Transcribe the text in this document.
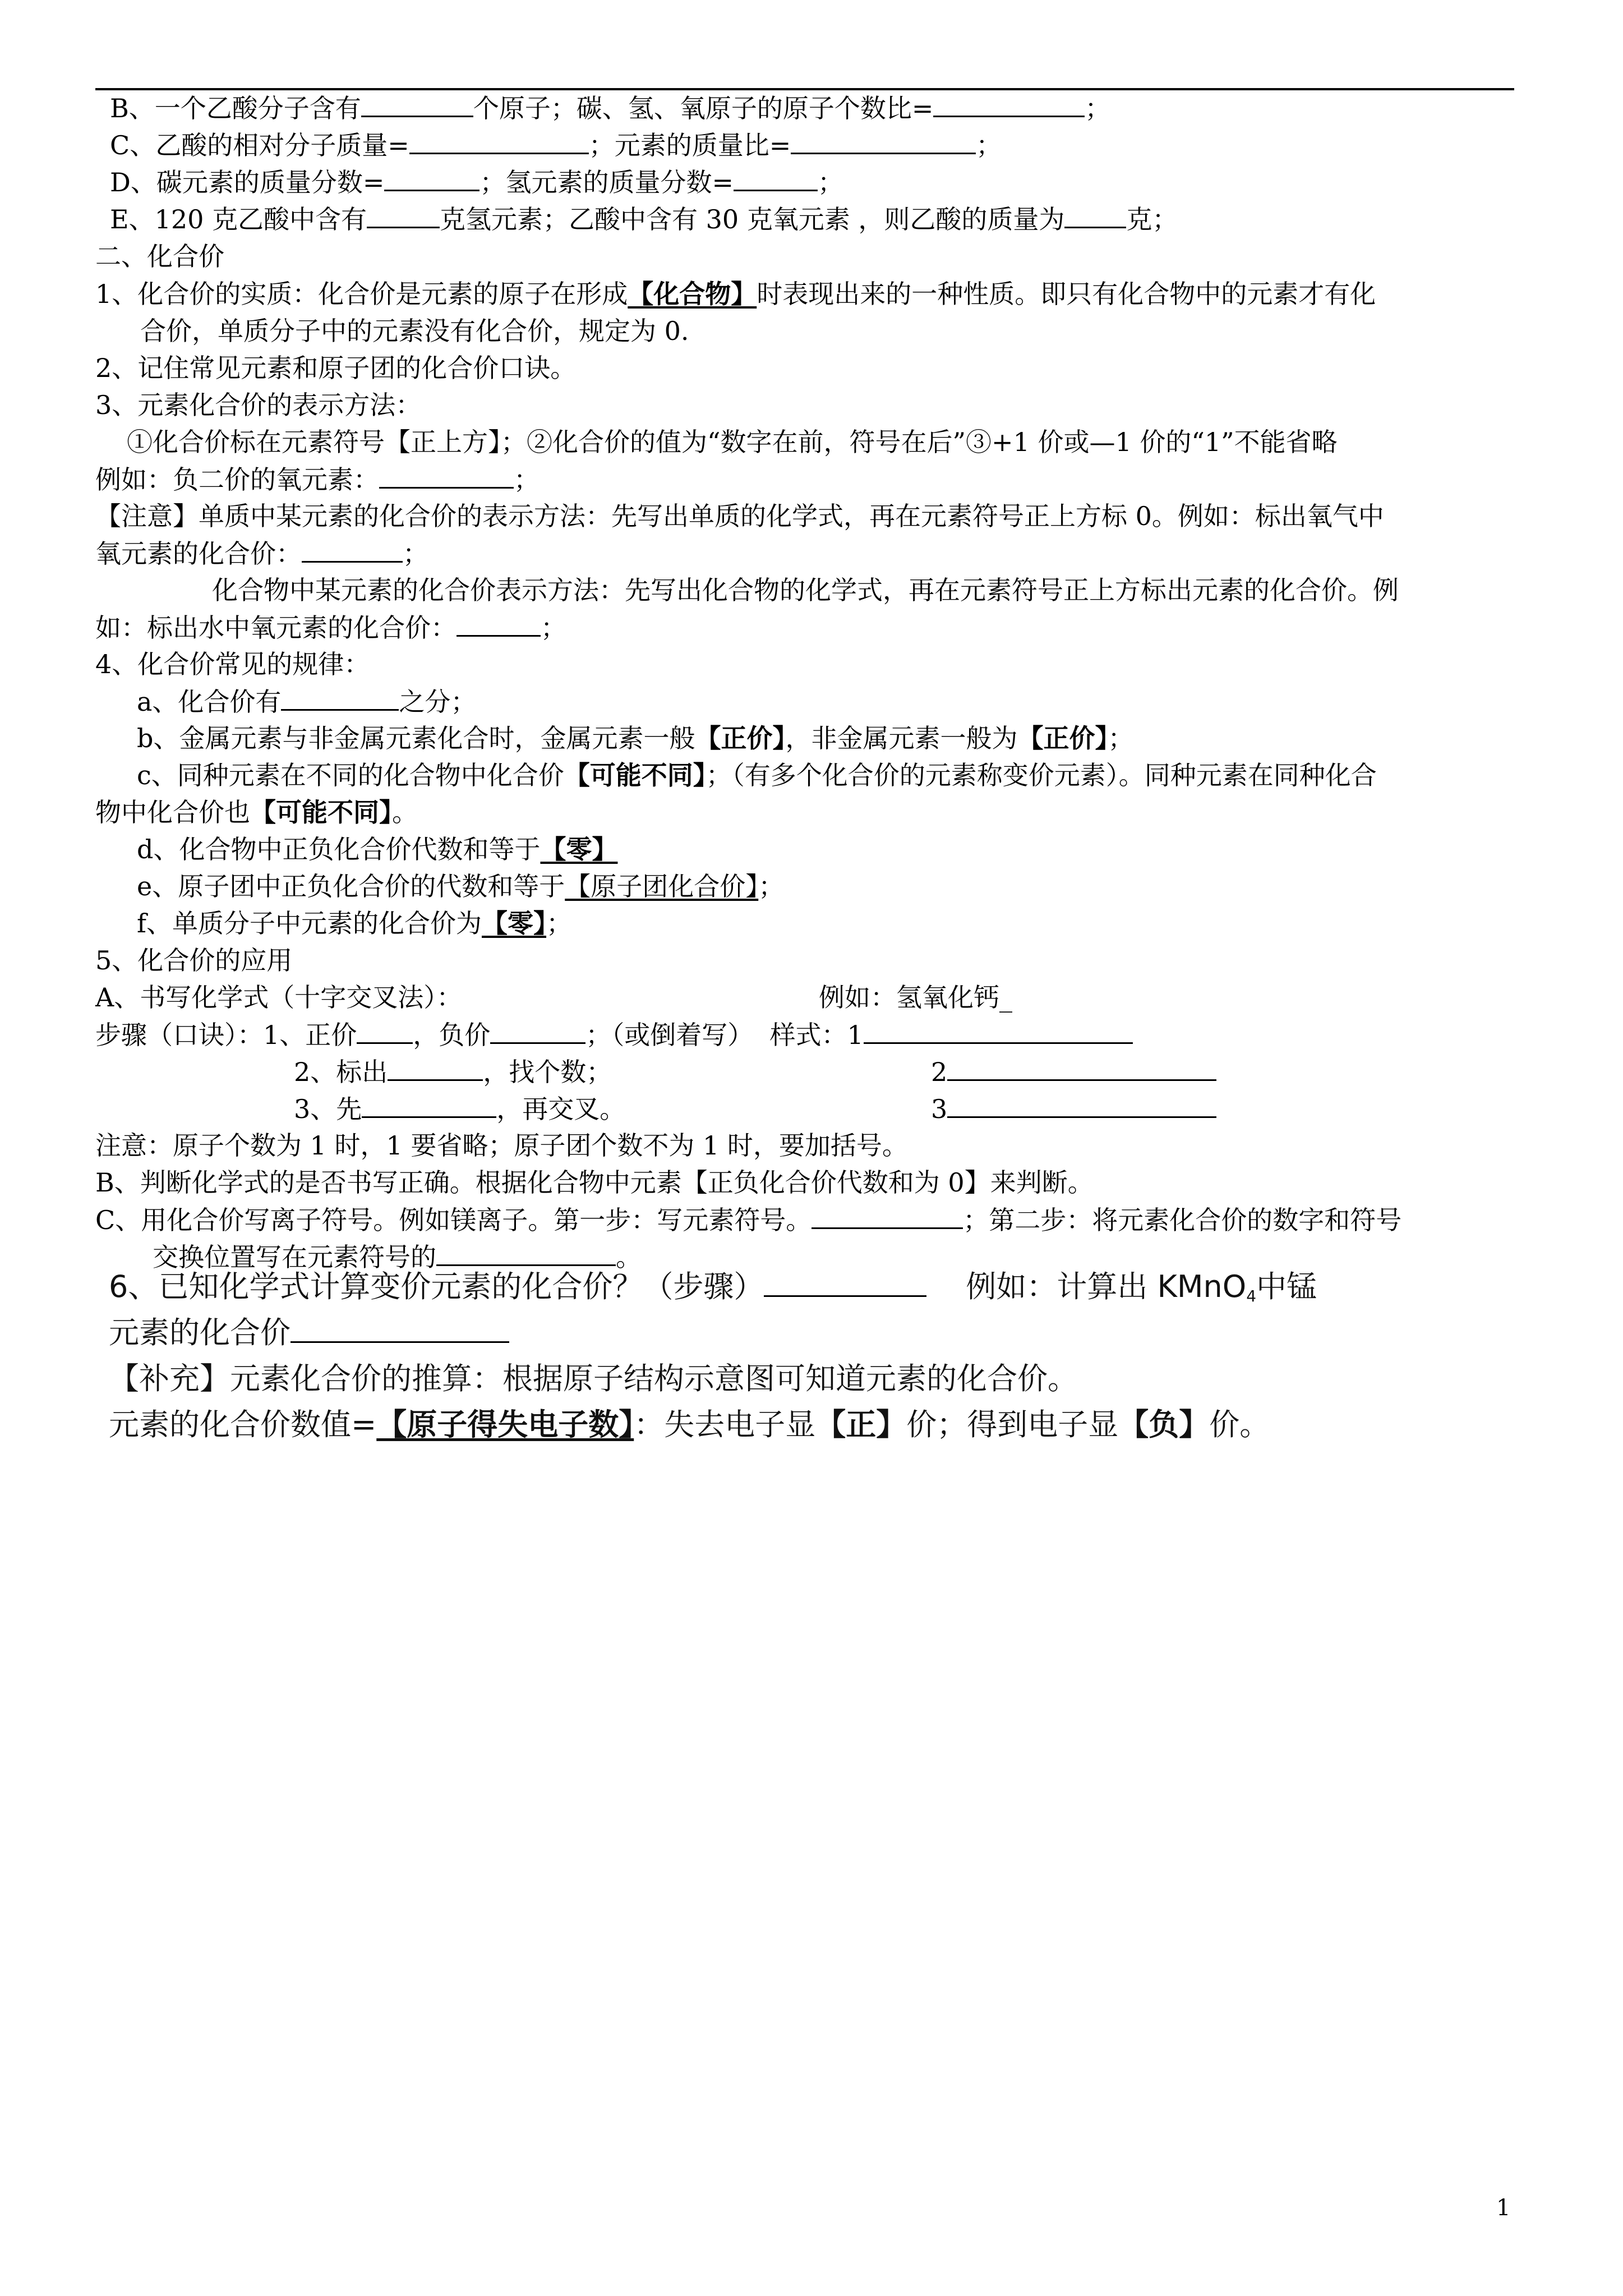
B、一个乙酸分子含有	个原子；碳、氢、氧原子的原子个数比=	；
C、乙酸的相对分子质量=	；元素的质量比=	；
D、碳元素的质量分数=	；氢元素的质量分数=	；
E、120 克乙酸中含有	克氢元素；乙酸中含有 30 克氧元素 ，则乙酸的质量为 克；
二、化合价
1、化合价的实质：化合价是元素的原子在形成【化合物】时表现出来的一种性质。即只有化合物中的元素才有化
合价，单质分子中的元素没有化合价，规定为 0.
2、记住常见元素和原子团的化合价口诀。
3、元素化合价的表示方法：
①化合价标在元素符号【正上方】；②化合价的值为“数字在前，符号在后”③+1 价或—1 价的“1”不能省略
例如：负二价的氧元素：	；
【注意】单质中某元素的化合价的表示方法：先写出单质的化学式，再在元素符号正上方标 0。例如：标出氧气中
氧元素的化合价：	；
化合物中某元素的化合价表示方法：先写出化合物的化学式，再在元素符号正上方标出元素的化合价。例
如：标出水中氧元素的化合价：	；
4、化合价常见的规律：
a、化合价有	之分；
b、金属元素与非金属元素化合时，金属元素一般【正价】，非金属元素一般为【正价】；
c、同种元素在不同的化合物中化合价【可能不同】；（有多个化合价的元素称变价元素）。同种元素在同种化合
物中化合价也【可能不同】。
d、化合物中正负化合价代数和等于【零】
e、原子团中正负化合价的代数和等于【原子团化合价】；
f、单质分子中元素的化合价为【零】；
5、化合价的应用
A、书写化学式（十字交叉法）：	例如：氢氧化钙_
步骤（口诀）：1、正价 ，负价	；（或倒着写）  样式：1
2、标出	，找个数；	2
3、先	，再交叉。	3
注意：原子个数为 1 时，1 要省略；原子团个数不为 1 时，要加括号。
B、判断化学式的是否书写正确。根据化合物中元素【正负化合价代数和为 0】来判断。
C、用化合价写离子符号。例如镁离子。第一步：写元素符号。	；第二步：将元素化合价的数字和符号
交换位置写在元素符号的	。
6、已知化学式计算变价元素的化合价？（步骤）	例如：计算出 KMnO$_4$中锰
元素的化合价
【补充】元素化合价的推算：根据原子结构示意图可知道元素的化合价。
元素的化合价数值=【原子得失电子数】：失去电子显【正】价；得到电子显【负】价。
1
